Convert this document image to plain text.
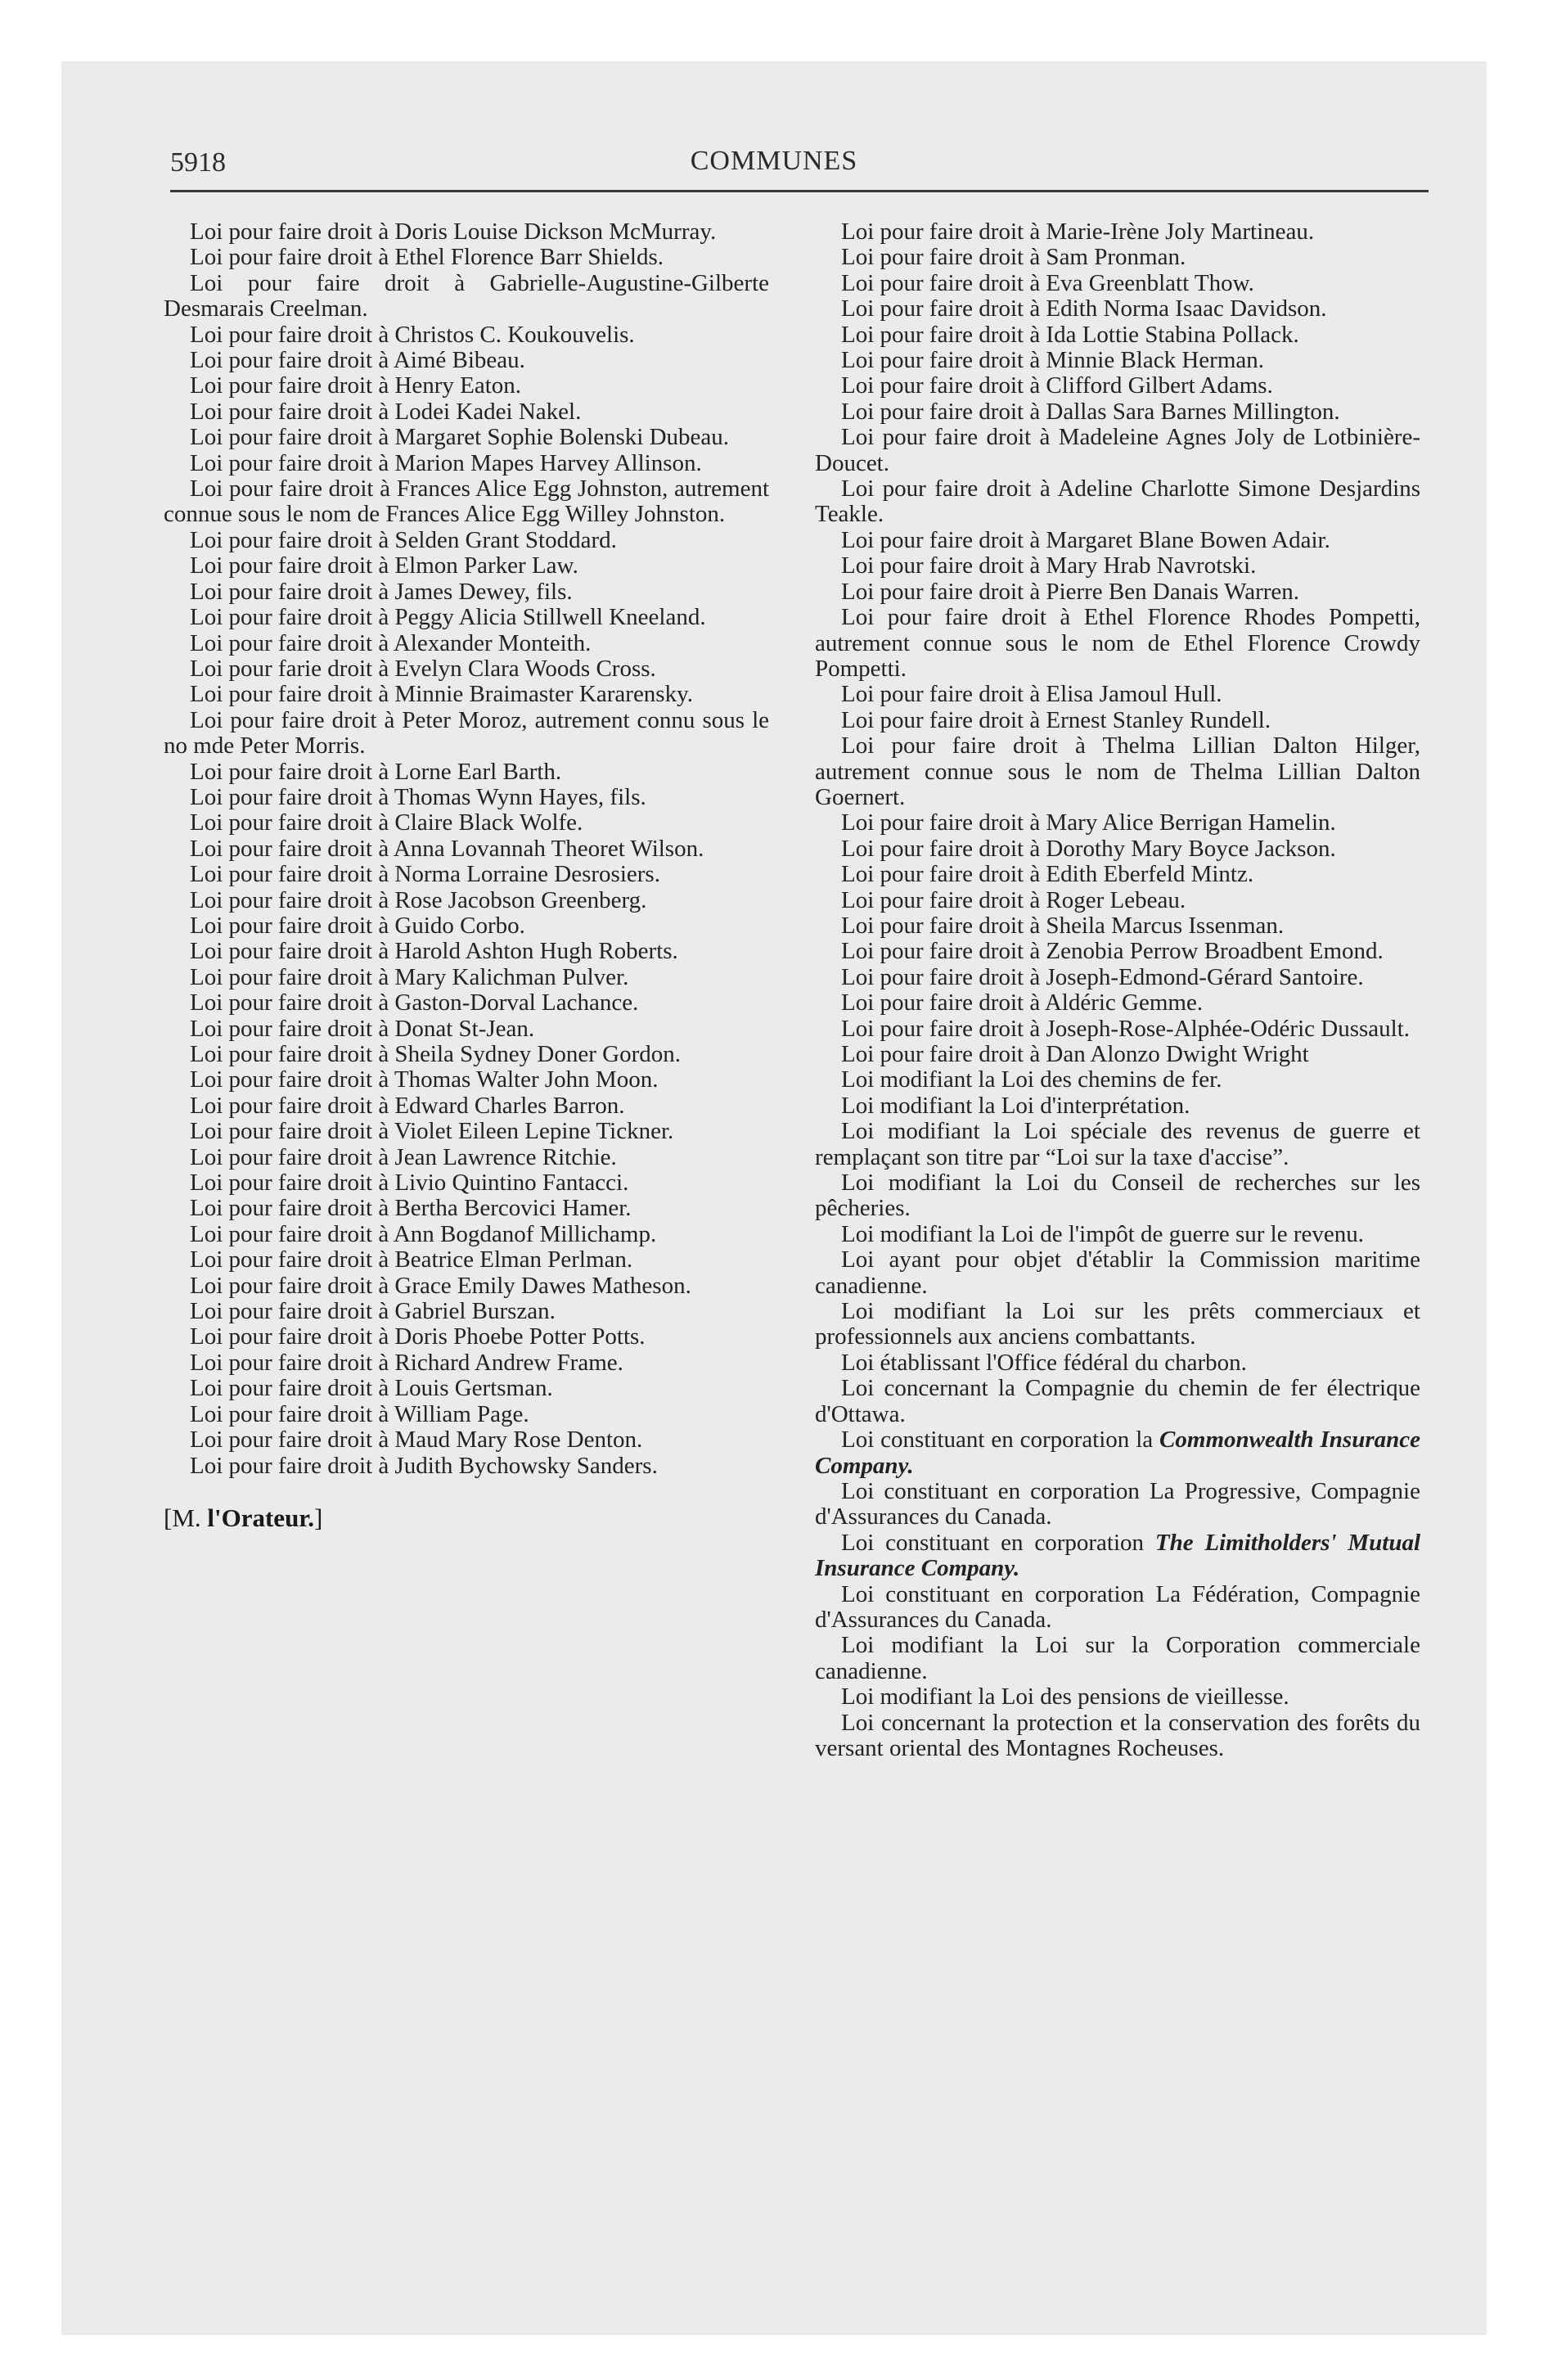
5918	COMMUNES

Loi pour faire droit à Doris Louise Dickson McMurray.

Loi pour faire droit à Ethel Florence Barr Shields.

Loi pour faire droit à Gabrielle-Augustine-Gilberte Desmarais Creelman.

Loi pour faire droit à Christos C. Koukouvelis.

Loi pour faire droit à Aimé Bibeau.

Loi pour faire droit à Henry Eaton.

Loi pour faire droit à Lodei Kadei Nakel.

Loi pour faire droit à Margaret Sophie Bolenski Dubeau.

Loi pour faire droit à Marion Mapes Harvey Allinson.

Loi pour faire droit à Frances Alice Egg Johnston, autrement connue sous le nom de Frances Alice Egg Willey Johnston.

Loi pour faire droit à Selden Grant Stoddard.

Loi pour faire droit à Elmon Parker Law.

Loi pour faire droit à James Dewey, fils.

Loi pour faire droit à Peggy Alicia Stillwell Kneeland.

Loi pour faire droit à Alexander Monteith.

Loi pour farie droit à Evelyn Clara Woods Cross.

Loi pour faire droit à Minnie Braimaster Kararensky.

Loi pour faire droit à Peter Moroz, autrement connu sous le no mde Peter Morris.

Loi pour faire droit à Lorne Earl Barth.

Loi pour faire droit à Thomas Wynn Hayes, fils.

Loi pour faire droit à Claire Black Wolfe.

Loi pour faire droit à Anna Lovannah Theoret Wilson.

Loi pour faire droit à Norma Lorraine Desrosiers.

Loi pour faire droit à Rose Jacobson Greenberg.

Loi pour faire droit à Guido Corbo.

Loi pour faire droit à Harold Ashton Hugh Roberts.

Loi pour faire droit à Mary Kalichman Pulver.

Loi pour faire droit à Gaston-Dorval Lachance.

Loi pour faire droit à Donat St-Jean.

Loi pour faire droit à Sheila Sydney Doner Gordon.

Loi pour faire droit à Thomas Walter John Moon.

Loi pour faire droit à Edward Charles Barron.

Loi pour faire droit à Violet Eileen Lepine Tickner.

Loi pour faire droit à Jean Lawrence Ritchie.

Loi pour faire droit à Livio Quintino Fantacci.

Loi pour faire droit à Bertha Bercovici Hamer.

Loi pour faire droit à Ann Bogdanof Millichamp.

Loi pour faire droit à Beatrice Elman Perlman.

Loi pour faire droit à Grace Emily Dawes Matheson.

Loi pour faire droit à Gabriel Burszan.

Loi pour faire droit à Doris Phoebe Potter Potts.

Loi pour faire droit à Richard Andrew Frame.

Loi pour faire droit à Louis Gertsman.

Loi pour faire droit à William Page.

Loi pour faire droit à Maud Mary Rose Denton.

Loi pour faire droit à Judith Bychowsky Sanders.

[M. l'Orateur.]

Loi pour faire droit à Marie-Irène Joly Martineau.

Loi pour faire droit à Sam Pronman.

Loi pour faire droit à Eva Greenblatt Thow.

Loi pour faire droit à Edith Norma Isaac Davidson.

Loi pour faire droit à Ida Lottie Stabina Pollack.

Loi pour faire droit à Minnie Black Herman.

Loi pour faire droit à Clifford Gilbert Adams.

Loi pour faire droit à Dallas Sara Barnes Millington.

Loi pour faire droit à Madeleine Agnes Joly de Lotbinière-Doucet.

Loi pour faire droit à Adeline Charlotte Simone Desjardins Teakle.

Loi pour faire droit à Margaret Blane Bowen Adair.

Loi pour faire droit à Mary Hrab Navrotski.

Loi pour faire droit à Pierre Ben Danais Warren.

Loi pour faire droit à Ethel Florence Rhodes Pompetti, autrement connue sous le nom de Ethel Florence Crowdy Pompetti.

Loi pour faire droit à Elisa Jamoul Hull.

Loi pour faire droit à Ernest Stanley Rundell.

Loi pour faire droit à Thelma Lillian Dalton Hilger, autrement connue sous le nom de Thelma Lillian Dalton Goernert.

Loi pour faire droit à Mary Alice Berrigan Hamelin.

Loi pour faire droit à Dorothy Mary Boyce Jackson.

Loi pour faire droit à Edith Eberfeld Mintz.

Loi pour faire droit à Roger Lebeau.

Loi pour faire droit à Sheila Marcus Issenman.

Loi pour faire droit à Zenobia Perrow Broadbent Emond.

Loi pour faire droit à Joseph-Edmond-Gérard Santoire.

Loi pour faire droit à Aldéric Gemme.

Loi pour faire droit à Joseph-Rose-Alphée-Odéric Dussault.

Loi pour faire droit à Dan Alonzo Dwight Wright

Loi modifiant la Loi des chemins de fer.

Loi modifiant la Loi d'interprétation.

Loi modifiant la Loi spéciale des revenus de guerre et remplaçant son titre par “Loi sur la taxe d'accise”.

Loi modifiant la Loi du Conseil de recherches sur les pêcheries.

Loi modifiant la Loi de l'impôt de guerre sur le revenu.

Loi ayant pour objet d'établir la Commission maritime canadienne.

Loi modifiant la Loi sur les prêts commerciaux et professionnels aux anciens combattants.

Loi établissant l'Office fédéral du charbon.

Loi concernant la Compagnie du chemin de fer électrique d'Ottawa.

Loi constituant en corporation la Commonwealth Insurance Company.

Loi constituant en corporation La Progressive, Compagnie d'Assurances du Canada.

Loi constituant en corporation The Limitholders' Mutual Insurance Company.

Loi constituant en corporation La Fédération, Compagnie d'Assurances du Canada.

Loi modifiant la Loi sur la Corporation commerciale canadienne.

Loi modifiant la Loi des pensions de vieillesse.

Loi concernant la protection et la conservation des forêts du versant oriental des Montagnes Rocheuses.
